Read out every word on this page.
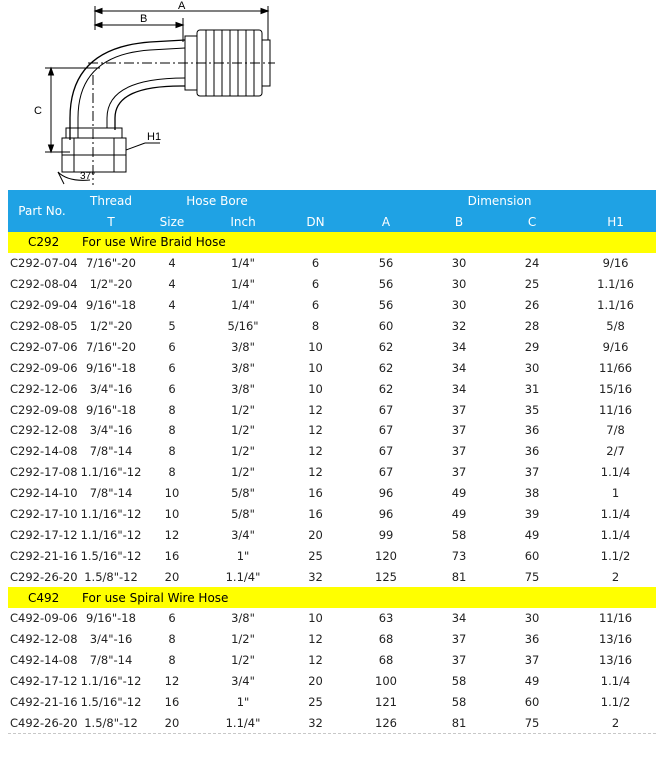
A
B
C
H1
37°
Part No.	Thread	Hose Bore			Dimension			
	T	Size	Inch	DN	A	B	C	H1
C292	For use Wire Braid Hose							
C292-07-04	7/16"-20	4	1/4"	6	56	30	24	9/16
C292-08-04	1/2"-20	4	1/4"	6	56	30	25	1.1/16
C292-09-04	9/16"-18	4	1/4"	6	56	30	26	1.1/16
C292-08-05	1/2"-20	5	5/16"	8	60	32	28	5/8
C292-07-06	7/16"-20	6	3/8"	10	62	34	29	9/16
C292-09-06	9/16"-18	6	3/8"	10	62	34	30	11/66
C292-12-06	3/4"-16	6	3/8"	10	62	34	31	15/16
C292-09-08	9/16"-18	8	1/2"	12	67	37	35	11/16
C292-12-08	3/4"-16	8	1/2"	12	67	37	36	7/8
C292-14-08	7/8"-14	8	1/2"	12	67	37	36	2/7
C292-17-08	1.1/16"-12	8	1/2"	12	67	37	37	1.1/4
C292-14-10	7/8"-14	10	5/8"	16	96	49	38	1
C292-17-10	1.1/16"-12	10	5/8"	16	96	49	39	1.1/4
C292-17-12	1.1/16"-12	12	3/4"	20	99	58	49	1.1/4
C292-21-16	1.5/16"-12	16	1"	25	120	73	60	1.1/2
C292-26-20	1.5/8"-12	20	1.1/4"	32	125	81	75	2
C492	For use Spiral Wire Hose							
C492-09-06	9/16"-18	6	3/8"	10	63	34	30	11/16
C492-12-08	3/4"-16	8	1/2"	12	68	37	36	13/16
C492-14-08	7/8"-14	8	1/2"	12	68	37	37	13/16
C492-17-12	1.1/16"-12	12	3/4"	20	100	58	49	1.1/4
C492-21-16	1.5/16"-12	16	1"	25	121	58	60	1.1/2
C492-26-20	1.5/8"-12	20	1.1/4"	32	126	81	75	2
